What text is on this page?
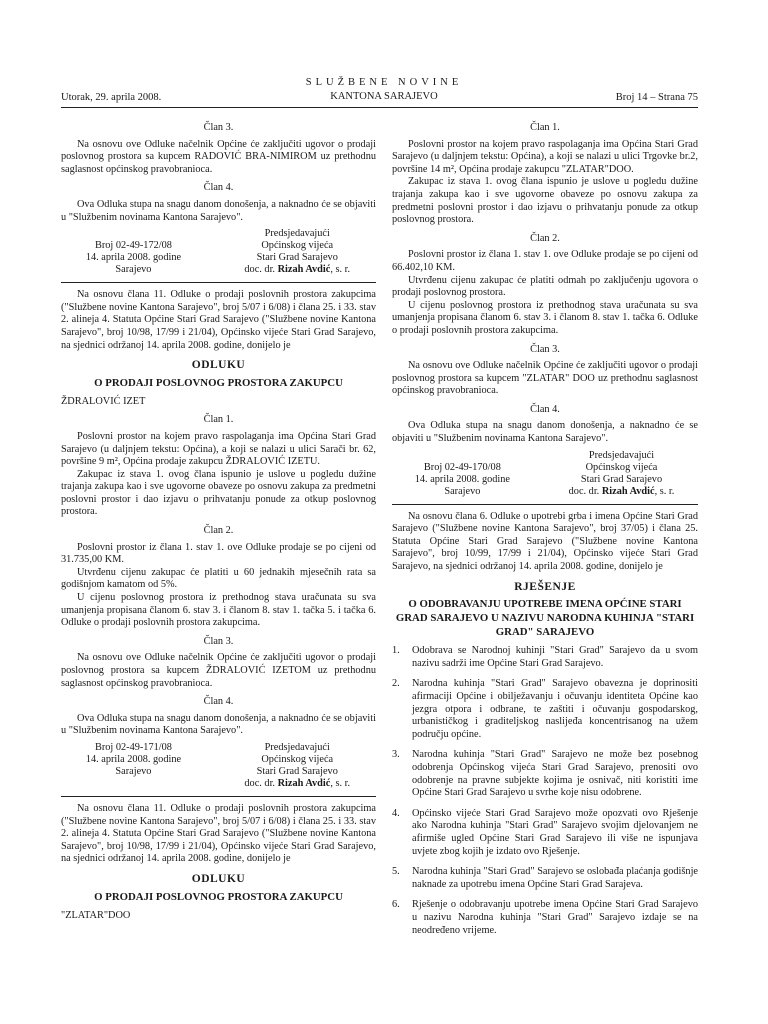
Utorak, 29. aprila 2008.
SLUŽBENE NOVINE
KANTONA SARAJEVO	Broj 14 – Strana 75
Član 3.

Na osnovu ove Odluke načelnik Općine će zaključiti ugovor o prodaji poslovnog prostora sa kupcem RADOVIĆ BRA-NIMIROM uz prethodnu saglasnost općinskog pravobranioca.

Član 4.

Ova Odluka stupa na snagu danom donošenja, a naknadno će se objaviti u "Službenim novinama Kantona Sarajevo".

Broj 02-49-172/08
14. aprila 2008. godine
Sarajevo
Predsjedavajući
Općinskog vijeća
Stari Grad Sarajevo
doc. dr. Rizah Avdić, s. r.

Na osnovu člana 11. Odluke o prodaji poslovnih prostora zakupcima ("Službene novine Kantona Sarajevo", broj 5/07 i 6/08) i člana 25. i 33. stav 2. alineja 4. Statuta Općine Stari Grad Sarajevo ("Službene novine Kantona Sarajevo", broj 10/98, 17/99 i 21/04), Općinsko vijeće Stari Grad Sarajevo, na sjednici održanoj 14. aprila 2008. godine, donijelo je

ODLUKU
O PRODAJI POSLOVNOG PROSTORA ZAKUPCU
ŽDRALOVIĆ IZET
Član 1.

Poslovni prostor na kojem pravo raspolaganja ima Općina Stari Grad Sarajevo (u daljnjem tekstu: Općina), a koji se nalazi u ulici Sarači br. 62, površine 9 m², Općina prodaje zakupcu ŽDRALOVIĆ IZETU.

Zakupac iz stava 1. ovog člana ispunio je uslove u pogledu dužine trajanja zakupa kao i sve ugovorne obaveze po osnovu zakupa za predmetni poslovni prostor i dao izjavu o prihvatanju ponude za otkup poslovnog prostora.

Član 2.

Poslovni prostor iz člana 1. stav 1. ove Odluke prodaje se po cijeni od 31.735,00 KM.

Utvrđenu cijenu zakupac će platiti u 60 jednakih mjesečnih rata sa godišnjom kamatom od 5%.

U cijenu poslovnog prostora iz prethodnog stava uračunata su sva umanjenja propisana članom 6. stav 3. i članom 8. stav 1. tačka 5. i tačka 6. Odluke o prodaji poslovnih prostora zakupcima.

Član 3.

Na osnovu ove Odluke načelnik Općine će zaključiti ugovor o prodaji poslovnog prostora sa kupcem ŽDRALOVIĆ IZETOM uz prethodnu saglasnost općinskog pravobranioca.

Član 4.

Ova Odluka stupa na snagu danom donošenja, a naknadno će se objaviti u "Službenim novinama Kantona Sarajevo".

Broj 02-49-171/08
14. aprila 2008. godine
Sarajevo
Predsjedavajući
Općinskog vijeća
Stari Grad Sarajevo
doc. dr. Rizah Avdić, s. r.

Na osnovu člana 11. Odluke o prodaji poslovnih prostora zakupcima ("Službene novine Kantona Sarajevo", broj 5/07 i 6/08) i člana 25. i 33. stav 2. alineja 4. Statuta Općine Stari Grad Sarajevo ("Službene novine Kantona Sarajevo", broj 10/98, 17/99 i 21/04), Općinsko vijeće Stari Grad Sarajevo, na sjednici održanoj 14. aprila 2008. godine, donijelo je

ODLUKU
O PRODAJI POSLOVNOG PROSTORA ZAKUPCU
"ZLATAR"DOO
Član 1.

Poslovni prostor na kojem pravo raspolaganja ima Općina Stari Grad Sarajevo (u daljnjem tekstu: Općina), a koji se nalazi u ulici Trgovke br.2, površine 14 m², Općina prodaje zakupcu "ZLATAR"DOO.

Zakupac iz stava 1. ovog člana ispunio je uslove u pogledu dužine trajanja zakupa kao i sve ugovorne obaveze po osnovu zakupa za predmetni poslovni prostor i dao izjavu o prihvatanju ponude za otkup poslovnog prostora.

Član 2.

Poslovni prostor iz člana 1. stav 1. ove Odluke prodaje se po cijeni od 66.402,10 KM.

Utvrđenu cijenu zakupac će platiti odmah po zaključenju ugovora o prodaji poslovnog prostora.

U cijenu poslovnog prostora iz prethodnog stava uračunata su sva umanjenja propisana članom 6. stav 3. i članom 8. stav 1. tačka 6. Odluke o prodaji poslovnih prostora zakupcima.

Član 3.

Na osnovu ove Odluke načelnik Općine će zaključiti ugovor o prodaji poslovnog prostora sa kupcem "ZLATAR" DOO uz prethodnu saglasnost općinskog pravobranioca.

Član 4.

Ova Odluka stupa na snagu danom donošenja, a naknadno će se objaviti u "Službenim novinama Kantona Sarajevo".

Broj 02-49-170/08
14. aprila 2008. godine
Sarajevo
Predsjedavajući
Općinskog vijeća
Stari Grad Sarajevo
doc. dr. Rizah Avdić, s. r.

Na osnovu člana 6. Odluke o upotrebi grba i imena Općine Stari Grad Sarajevo ("Službene novine Kantona Sarajevo", broj 37/05) i člana 25. Statuta Općine Stari Grad Sarajevo ("Službene novine Kantona Sarajevo", broj 10/99, 17/99 i 21/04), Općinsko vijeće Stari Grad Sarajevo, na sjednici održanoj 14. aprila 2008. godine, donijelo je

RJEŠENJE
O ODOBRAVANJU UPOTREBE IMENA OPĆINE STARI GRAD SARAJEVO U NAZIVU NARODNA KUHINJA "STARI GRAD" SARAJEVO
1.	Odobrava se Narodnoj kuhinji "Stari Grad" Sarajevo da u svom nazivu sadrži ime Općine Stari Grad Sarajevo.
2.	Narodna kuhinja "Stari Grad" Sarajevo obavezna je doprinositi afirmaciji Općine i obilježavanju i očuvanju identiteta Općine kao jezgra otpora i odbrane, te zaštiti i očuvanju gospodarskog, urbanističkog i graditeljskog naslijeđa koncentrisanog na užem području općine.
3.	Narodna kuhinja "Stari Grad" Sarajevo ne može bez posebnog odobrenja Općinskog vijeća Stari Grad Sarajevo, prenositi ovo odobrenje na pravne subjekte kojima je osnivač, niti koristiti ime Općine Stari Grad Sarajevo u svrhe koje nisu odobrene.
4.	Općinsko vijeće Stari Grad Sarajevo može opozvati ovo Rješenje ako Narodna kuhinja "Stari Grad" Sarajevo svojim djelovanjem ne afirmiše ugled Općine Stari Grad Sarajevo ili više ne ispunjava uvjete zbog kojih je izdato ovo Rješenje.
5.	Narodna kuhinja "Stari Grad" Sarajevo se oslobađa plaćanja godišnje naknade za upotrebu imena Općine Stari Grad Sarajeva.
6.	Rješenje o odobravanju upotrebe imena Općine Stari Grad Sarajevo u nazivu Narodna kuhinja "Stari Grad" Sarajevo izdaje se na neodređeno vrijeme.
